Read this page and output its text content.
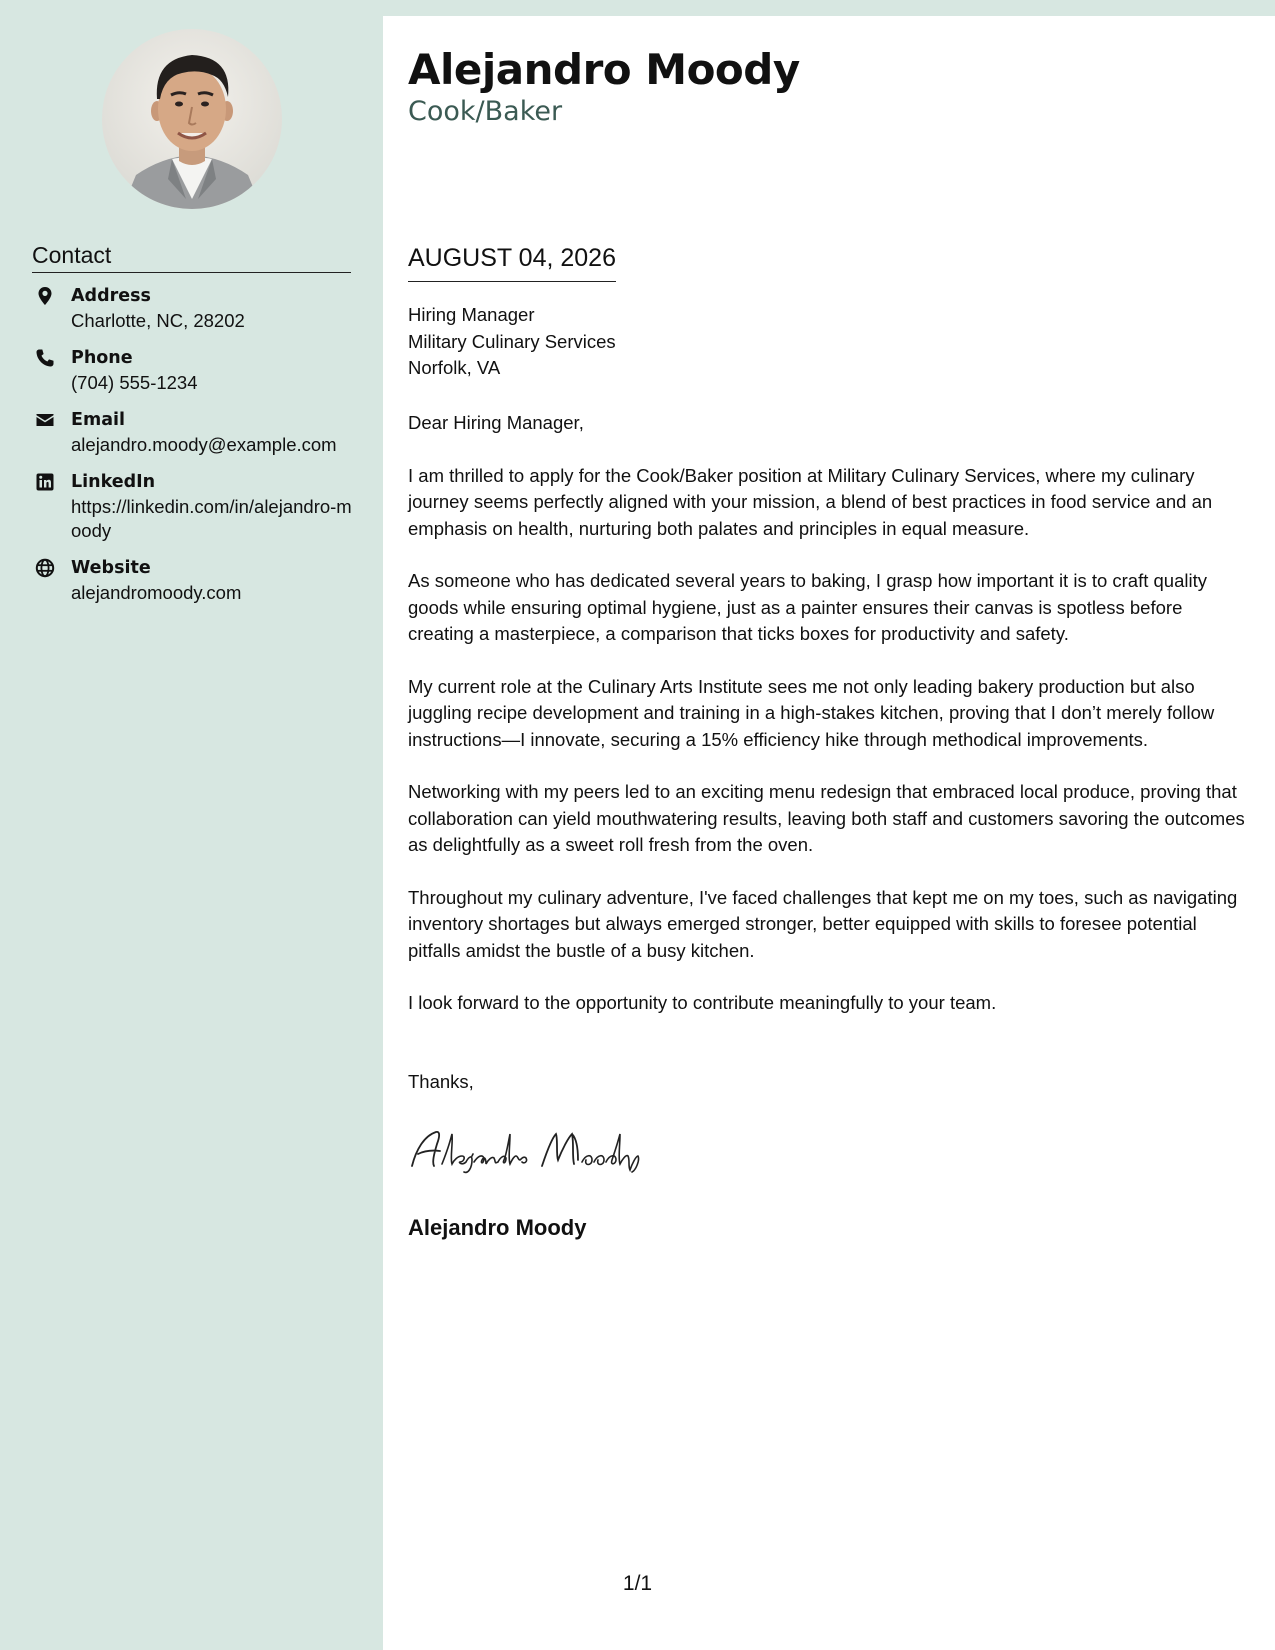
Contact
Address
Charlotte, NC, 28202
Phone
(704) 555-1234
Email
alejandro.moody@example.com
LinkedIn
https://linkedin.com/in/alejandro-moody
Website
alejandromoody.com
Alejandro Moody
Cook/Baker
AUGUST 04, 2026
Hiring Manager
Military Culinary Services
Norfolk, VA

Dear Hiring Manager,

I am thrilled to apply for the Cook/Baker position at Military Culinary Services, where my culinary journey seems perfectly aligned with your mission, a blend of best practices in food service and an emphasis on health, nurturing both palates and principles in equal measure.

As someone who has dedicated several years to baking, I grasp how important it is to craft quality goods while ensuring optimal hygiene, just as a painter ensures their canvas is spotless before creating a masterpiece, a comparison that ticks boxes for productivity and safety.

My current role at the Culinary Arts Institute sees me not only leading bakery production but also juggling recipe development and training in a high-stakes kitchen, proving that I don’t merely follow instructions—I innovate, securing a 15% efficiency hike through methodical improvements.

Networking with my peers led to an exciting menu redesign that embraced local produce, proving that collaboration can yield mouthwatering results, leaving both staff and customers savoring the outcomes as delightfully as a sweet roll fresh from the oven.

Throughout my culinary adventure, I've faced challenges that kept me on my toes, such as navigating inventory shortages but always emerged stronger, better equipped with skills to foresee potential pitfalls amidst the bustle of a busy kitchen.

I look forward to the opportunity to contribute meaningfully to your team.

Thanks,
Alejandro Moody
1/1
